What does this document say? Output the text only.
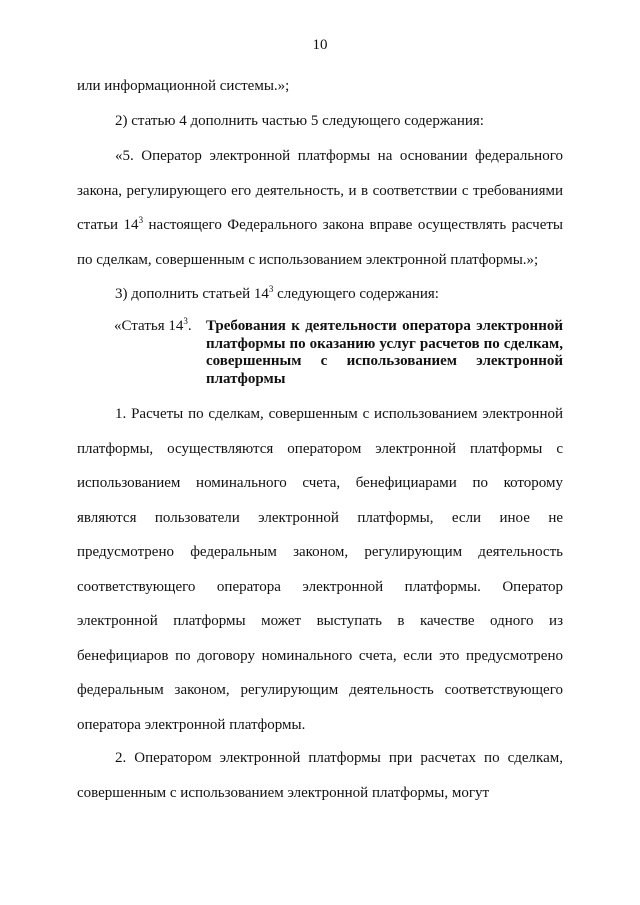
10
или информационной системы.»;
2) статью 4 дополнить частью 5 следующего содержания:
«5. Оператор электронной платформы на основании федерального закона, регулирующего его деятельность, и в соответствии с требованиями статьи $14^3$ настоящего Федерального закона вправе осуществлять расчеты по сделкам, совершенным с использованием электронной платформы.»;
3) дополнить статьей $14^3$ следующего содержания:
«Статья $14^3$. Требования к деятельности оператора электронной платформы по оказанию услуг расчетов по сделкам, совершенным с использованием электронной платформы
1. Расчеты по сделкам, совершенным с использованием электронной платформы, осуществляются оператором электронной платформы с использованием номинального счета, бенефициарами по которому являются пользователи электронной платформы, если иное не предусмотрено федеральным законом, регулирующим деятельность соответствующего оператора электронной платформы. Оператор электронной платформы может выступать в качестве одного из бенефициаров по договору номинального счета, если это предусмотрено федеральным законом, регулирующим деятельность соответствующего оператора электронной платформы.
2. Оператором электронной платформы при расчетах по сделкам, совершенным с использованием электронной платформы, могут
